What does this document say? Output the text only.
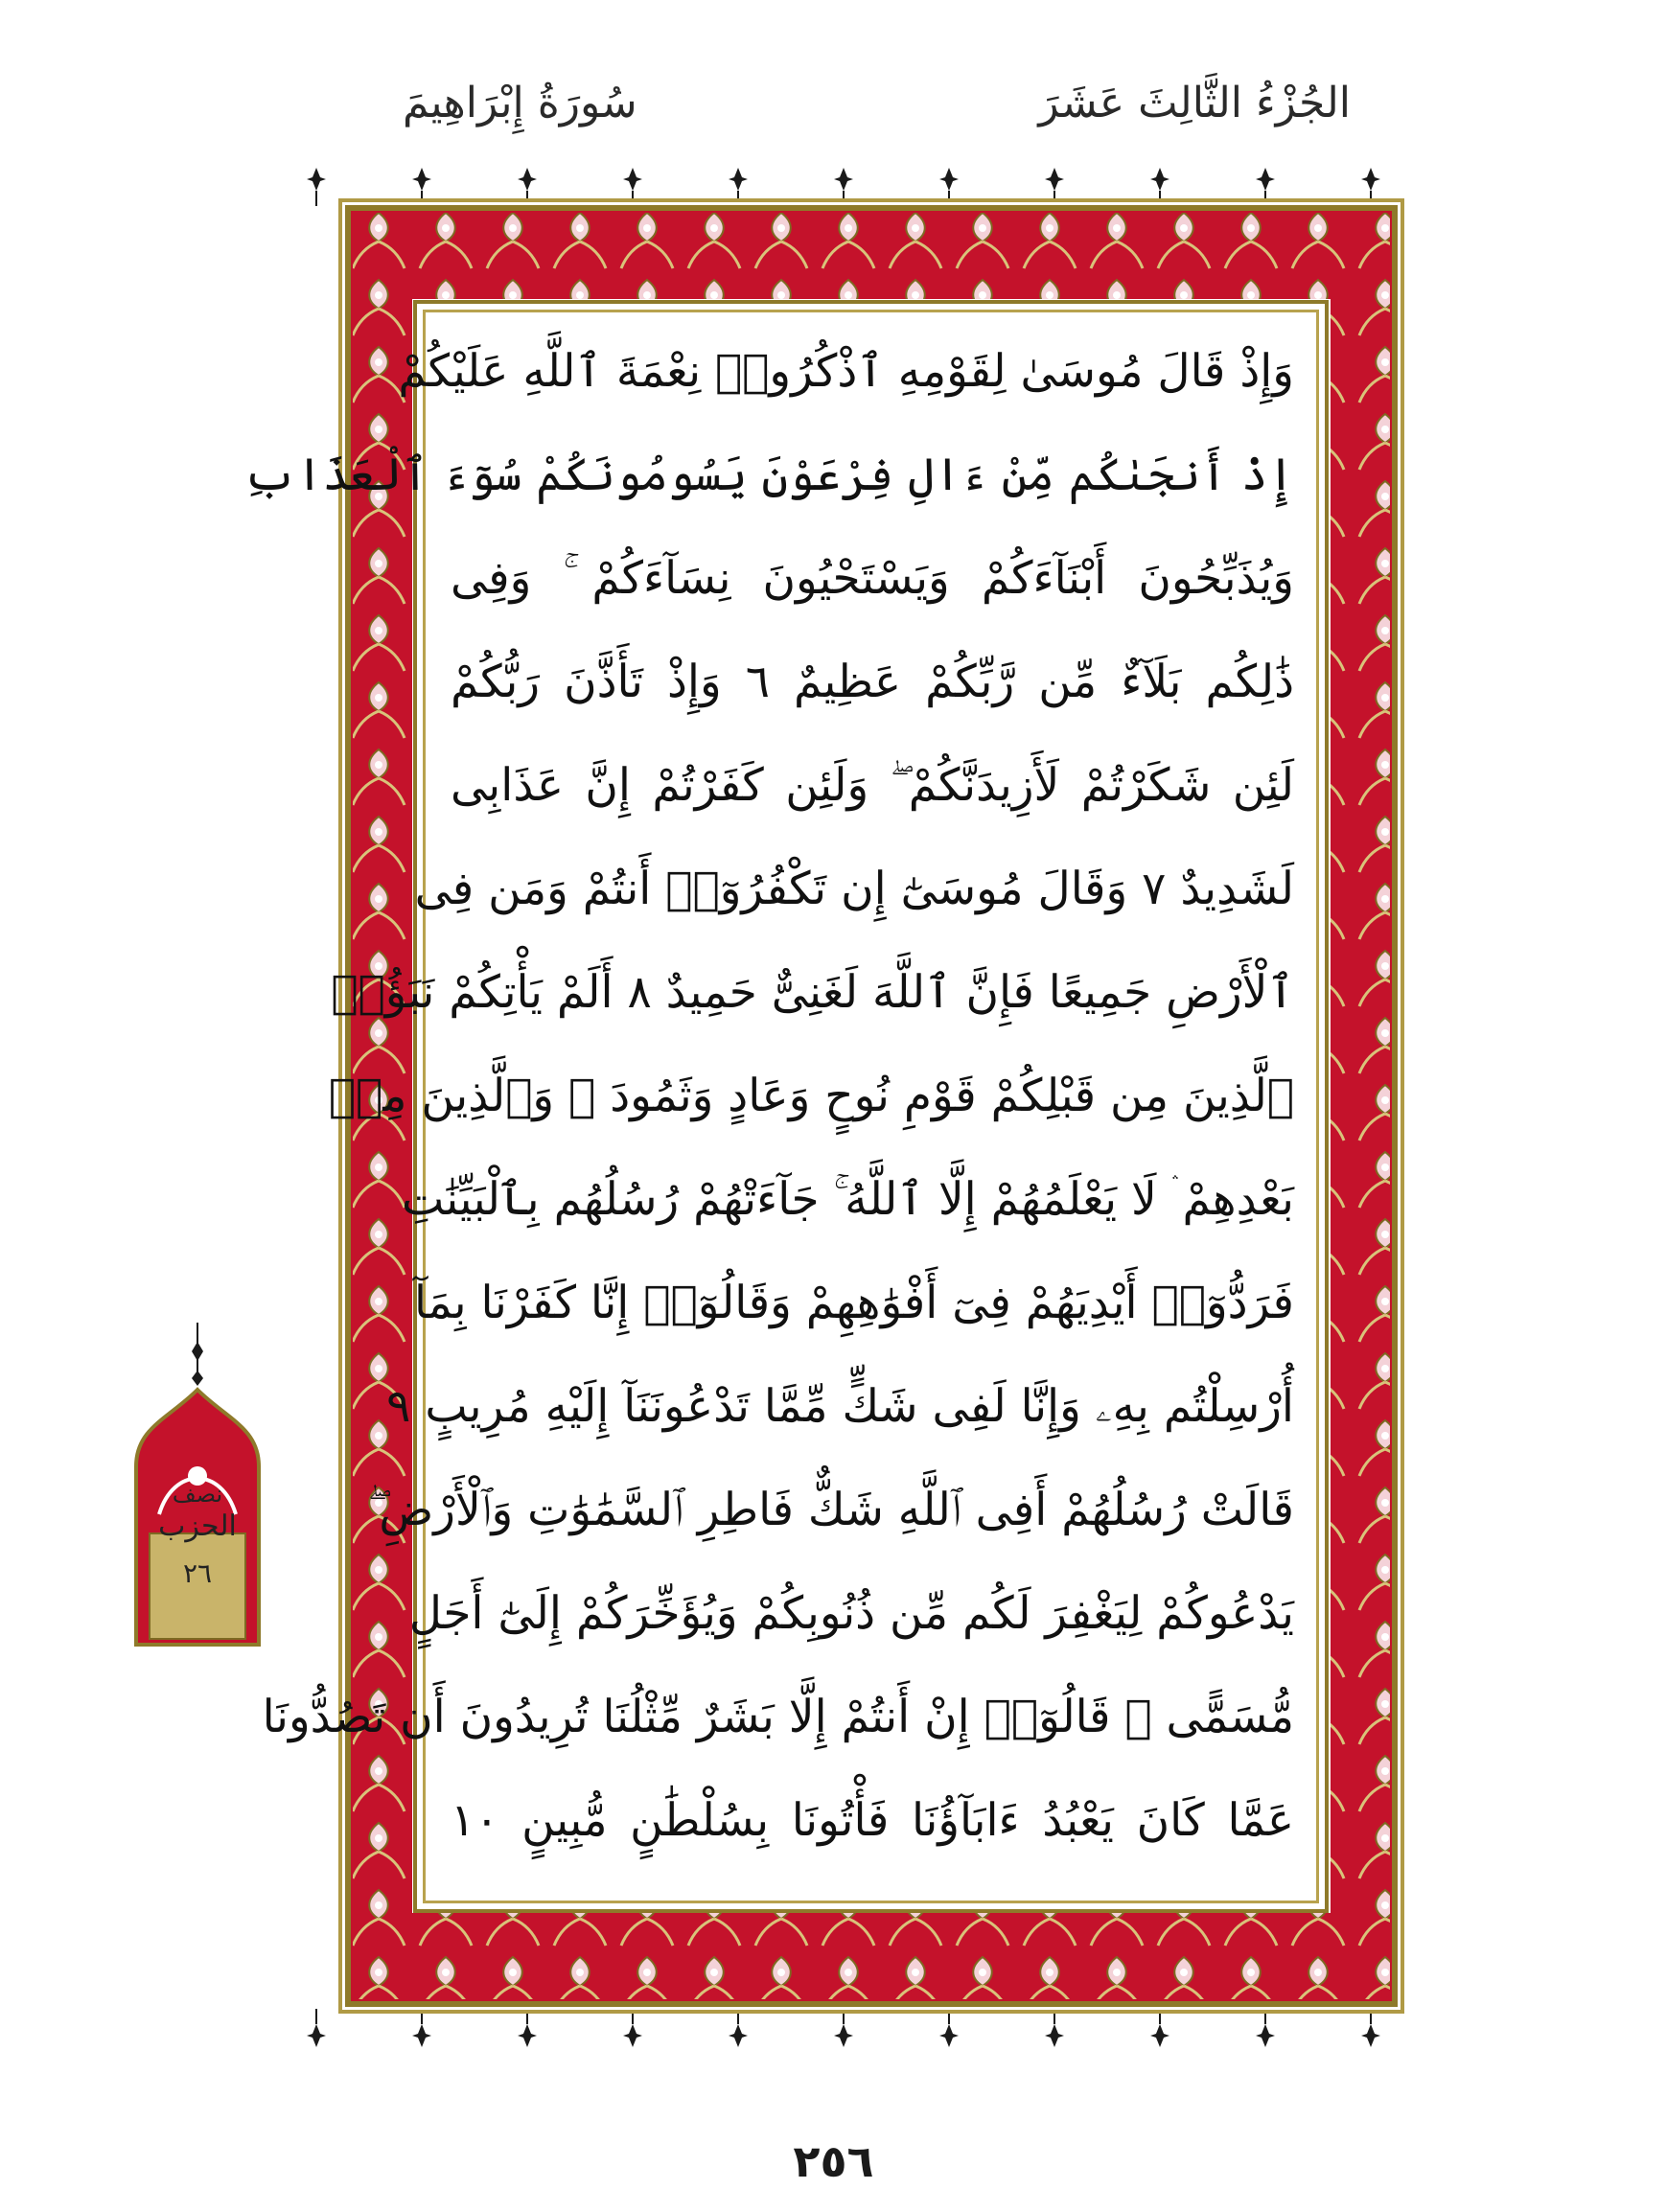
الجُزْءُ الثَّالِثَ عَشَرَ
سُورَةُ إِبْرَاهِيمَ
وَإِذْ قَالَ مُوسَىٰ لِقَوْمِهِ ٱذْكُرُوا۟ نِعْمَةَ ٱللَّهِ عَلَيْكُمْ
إِذْ أَنجَىٰكُم مِّنْ ءَالِ فِرْعَوْنَ يَسُومُونَكُمْ سُوٓءَ ٱلْعَذَابِ
وَيُذَبِّحُونَ أَبْنَآءَكُمْ وَيَسْتَحْيُونَ نِسَآءَكُمْ ۚ وَفِى
ذَٰلِكُم بَلَآءٌ مِّن رَّبِّكُمْ عَظِيمٌ ٦ وَإِذْ تَأَذَّنَ رَبُّكُمْ
لَئِن شَكَرْتُمْ لَأَزِيدَنَّكُمْ ۖ وَلَئِن كَفَرْتُمْ إِنَّ عَذَابِى
لَشَدِيدٌ ٧ وَقَالَ مُوسَىٰٓ إِن تَكْفُرُوٓا۟ أَنتُمْ وَمَن فِى
ٱلْأَرْضِ جَمِيعًا فَإِنَّ ٱللَّهَ لَغَنِىٌّ حَمِيدٌ ٨ أَلَمْ يَأْتِكُمْ نَبَؤُا۟
ٱلَّذِينَ مِن قَبْلِكُمْ قَوْمِ نُوحٍ وَعَادٍ وَثَمُودَ ۛ وَٱلَّذِينَ مِنۢ
بَعْدِهِمْ ۛ لَا يَعْلَمُهُمْ إِلَّا ٱللَّهُ ۚ جَآءَتْهُمْ رُسُلُهُم بِٱلْبَيِّنَٰتِ
فَرَدُّوٓا۟ أَيْدِيَهُمْ فِىٓ أَفْوَٰهِهِمْ وَقَالُوٓا۟ إِنَّا كَفَرْنَا بِمَآ
أُرْسِلْتُم بِهِۦ وَإِنَّا لَفِى شَكٍّ مِّمَّا تَدْعُونَنَآ إِلَيْهِ مُرِيبٍ ٩
قَالَتْ رُسُلُهُمْ أَفِى ٱللَّهِ شَكٌّ فَاطِرِ ٱلسَّمَٰوَٰتِ وَٱلْأَرْضِ ۖ
يَدْعُوكُمْ لِيَغْفِرَ لَكُم مِّن ذُنُوبِكُمْ وَيُؤَخِّرَكُمْ إِلَىٰٓ أَجَلٍ
مُّسَمًّى ۚ قَالُوٓا۟ إِنْ أَنتُمْ إِلَّا بَشَرٌ مِّثْلُنَا تُرِيدُونَ أَن تَصُدُّونَا
عَمَّا كَانَ يَعْبُدُ ءَابَآؤُنَا فَأْتُونَا بِسُلْطَٰنٍ مُّبِينٍ ١٠
نصف
الحزب
٢٦
٢٥٦
